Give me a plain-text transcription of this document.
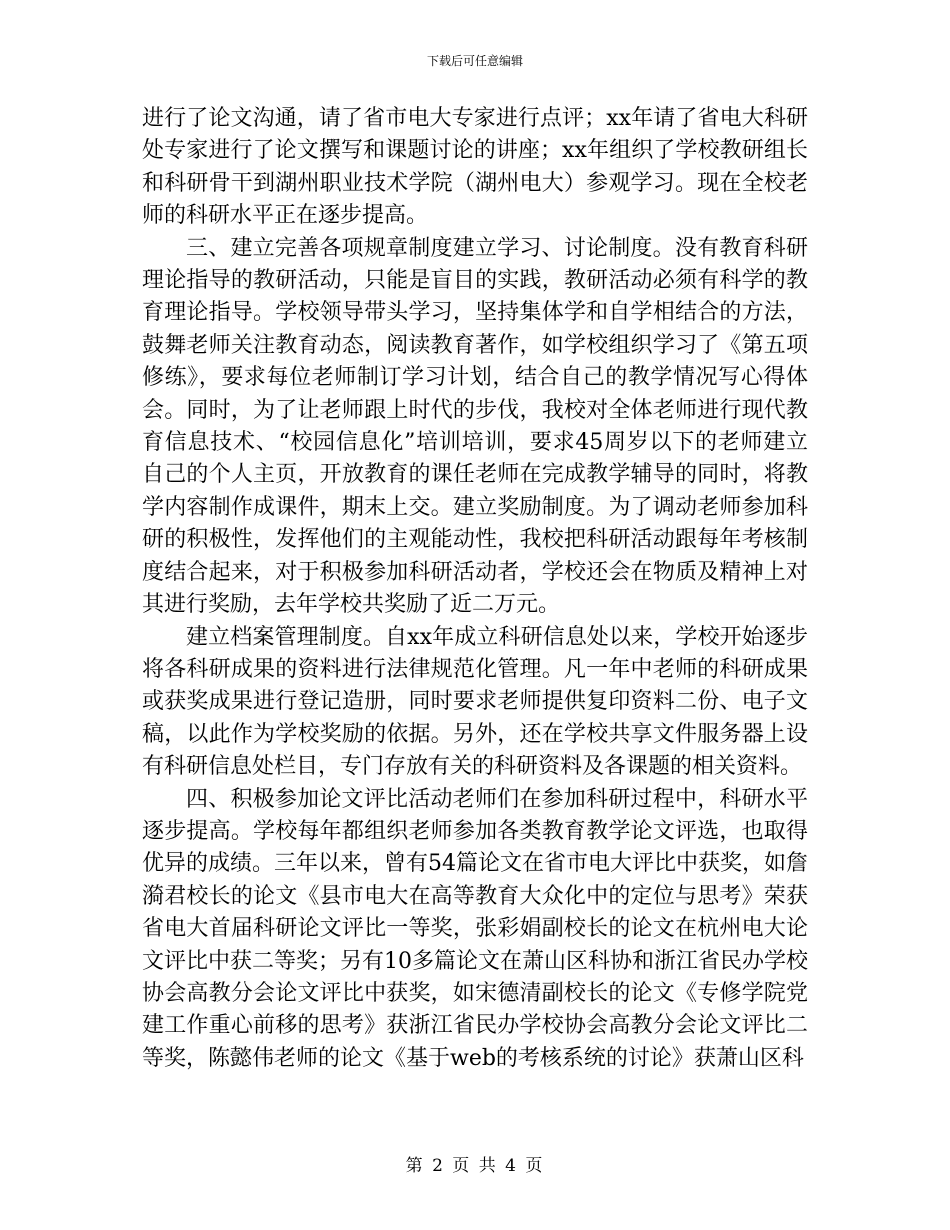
下载后可任意编辑

进行了论文沟通，请了省市电大专家进行点评；xx年请了省电大科研处专家进行了论文撰写和课题讨论的讲座；xx年组织了学校教研组长和科研骨干到湖州职业技术学院（湖州电大）参观学习。现在全校老师的科研水平正在逐步提高。

三、建立完善各项规章制度建立学习、讨论制度。没有教育科研理论指导的教研活动，只能是盲目的实践，教研活动必须有科学的教育理论指导。学校领导带头学习，坚持集体学和自学相结合的方法，鼓舞老师关注教育动态，阅读教育著作，如学校组织学习了《第五项修练》，要求每位老师制订学习计划，结合自己的教学情况写心得体会。同时，为了让老师跟上时代的步伐，我校对全体老师进行现代教育信息技术、“校园信息化”培训培训，要求45周岁以下的老师建立自己的个人主页，开放教育的课任老师在完成教学辅导的同时，将教学内容制作成课件，期末上交。建立奖励制度。为了调动老师参加科研的积极性，发挥他们的主观能动性，我校把科研活动跟每年考核制度结合起来，对于积极参加科研活动者，学校还会在物质及精神上对其进行奖励，去年学校共奖励了近二万元。

建立档案管理制度。自xx年成立科研信息处以来，学校开始逐步将各科研成果的资料进行法律规范化管理。凡一年中老师的科研成果或获奖成果进行登记造册，同时要求老师提供复印资料二份、电子文稿，以此作为学校奖励的依据。另外，还在学校共享文件服务器上设有科研信息处栏目，专门存放有关的科研资料及各课题的相关资料。

四、积极参加论文评比活动老师们在参加科研过程中，科研水平逐步提高。学校每年都组织老师参加各类教育教学论文评选，也取得优异的成绩。三年以来，曾有54篇论文在省市电大评比中获奖，如詹漪君校长的论文《县市电大在高等教育大众化中的定位与思考》荣获省电大首届科研论文评比一等奖，张彩娟副校长的论文在杭州电大论文评比中获二等奖；另有10多篇论文在萧山区科协和浙江省民办学校协会高教分会论文评比中获奖，如宋德清副校长的论文《专修学院党建工作重心前移的思考》获浙江省民办学校协会高教分会论文评比二等奖，陈懿伟老师的论文《基于web的考核系统的讨论》获萧山区科

第 2 页 共 4 页
